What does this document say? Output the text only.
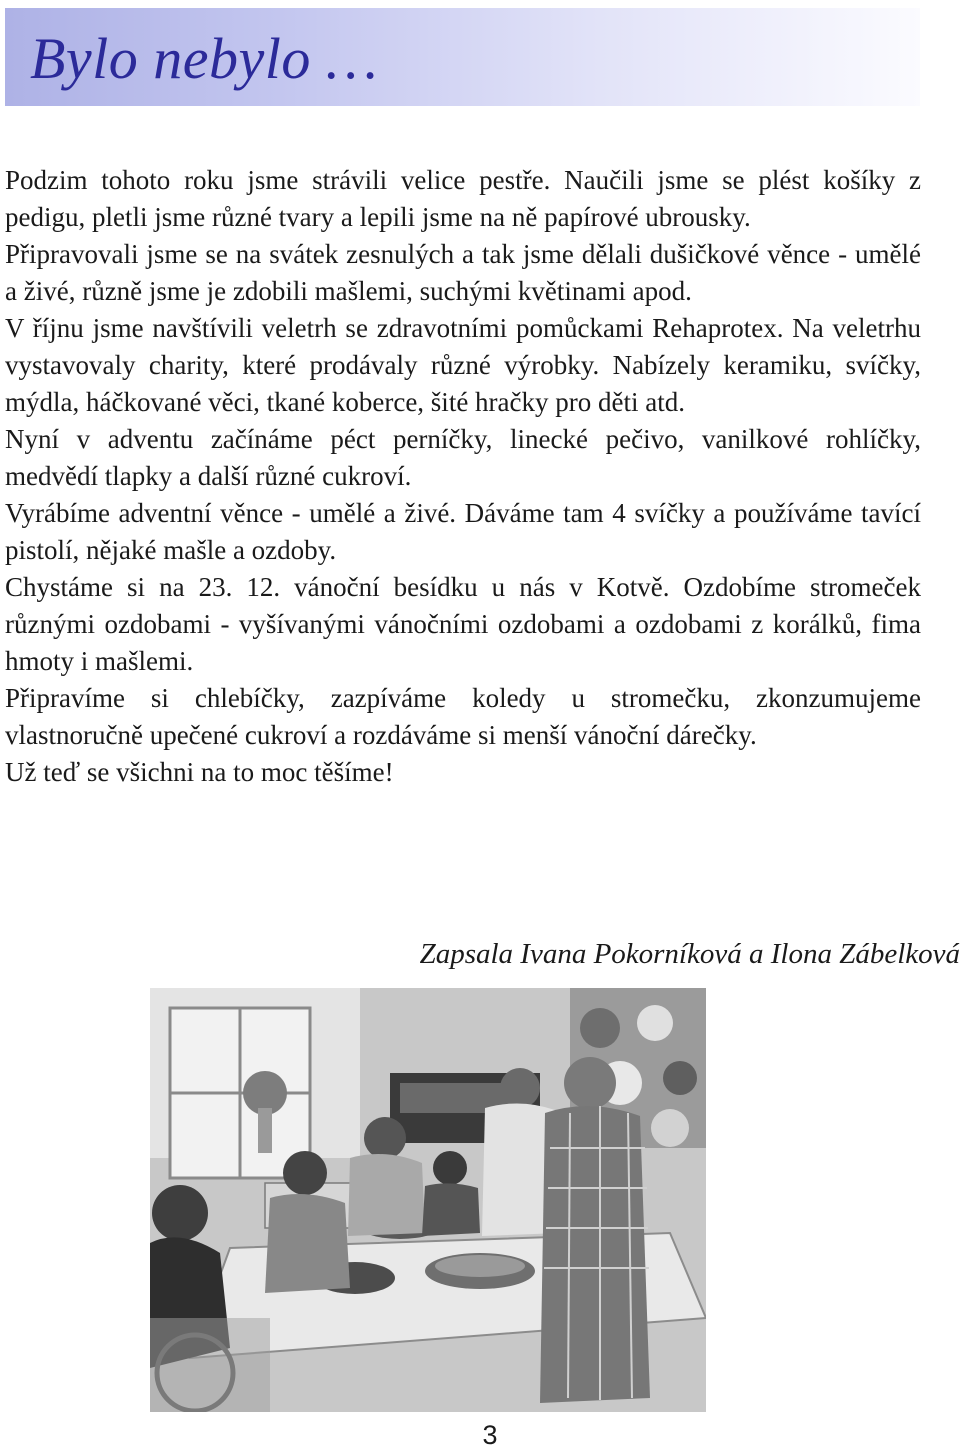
Bylo nebylo …

Podzim tohoto roku jsme strávili velice pestře. Naučili jsme se plést košíky z pedigu, pletli jsme různé tvary a lepili jsme na ně papírové ubrousky.

Připravovali jsme se na svátek zesnulých a tak jsme dělali dušičkové věnce - umělé a živé, různě jsme je zdobili mašlemi, suchými květinami apod.

V říjnu jsme navštívili veletrh se zdravotními pomůckami Rehaprotex. Na veletrhu vystavovaly charity, které prodávaly různé výrobky. Nabízely keramiku, svíčky, mýdla, háčkované věci, tkané koberce, šité hračky pro děti atd.

Nyní v adventu začínáme péct perníčky, linecké pečivo, vanilkové rohlíčky, medvědí tlapky a další různé cukroví.

Vyrábíme adventní věnce - umělé a živé. Dáváme tam 4 svíčky a používáme tavící pistolí, nějaké mašle a ozdoby.

Chystáme si na 23. 12. vánoční besídku u nás v Kotvě. Ozdobíme stromeček různými ozdobami - vyšívanými vánočními ozdobami a ozdobami z korálků, fima hmoty i mašlemi.

Připravíme si chlebíčky, zazpíváme koledy u stromečku, zkonzumujeme vlastnoručně upečené cukroví a rozdáváme si menší vánoční dárečky.

Už teď se všichni na to moc těšíme!

Zapsala Ivana Pokorníková a Ilona Zábelková
3
